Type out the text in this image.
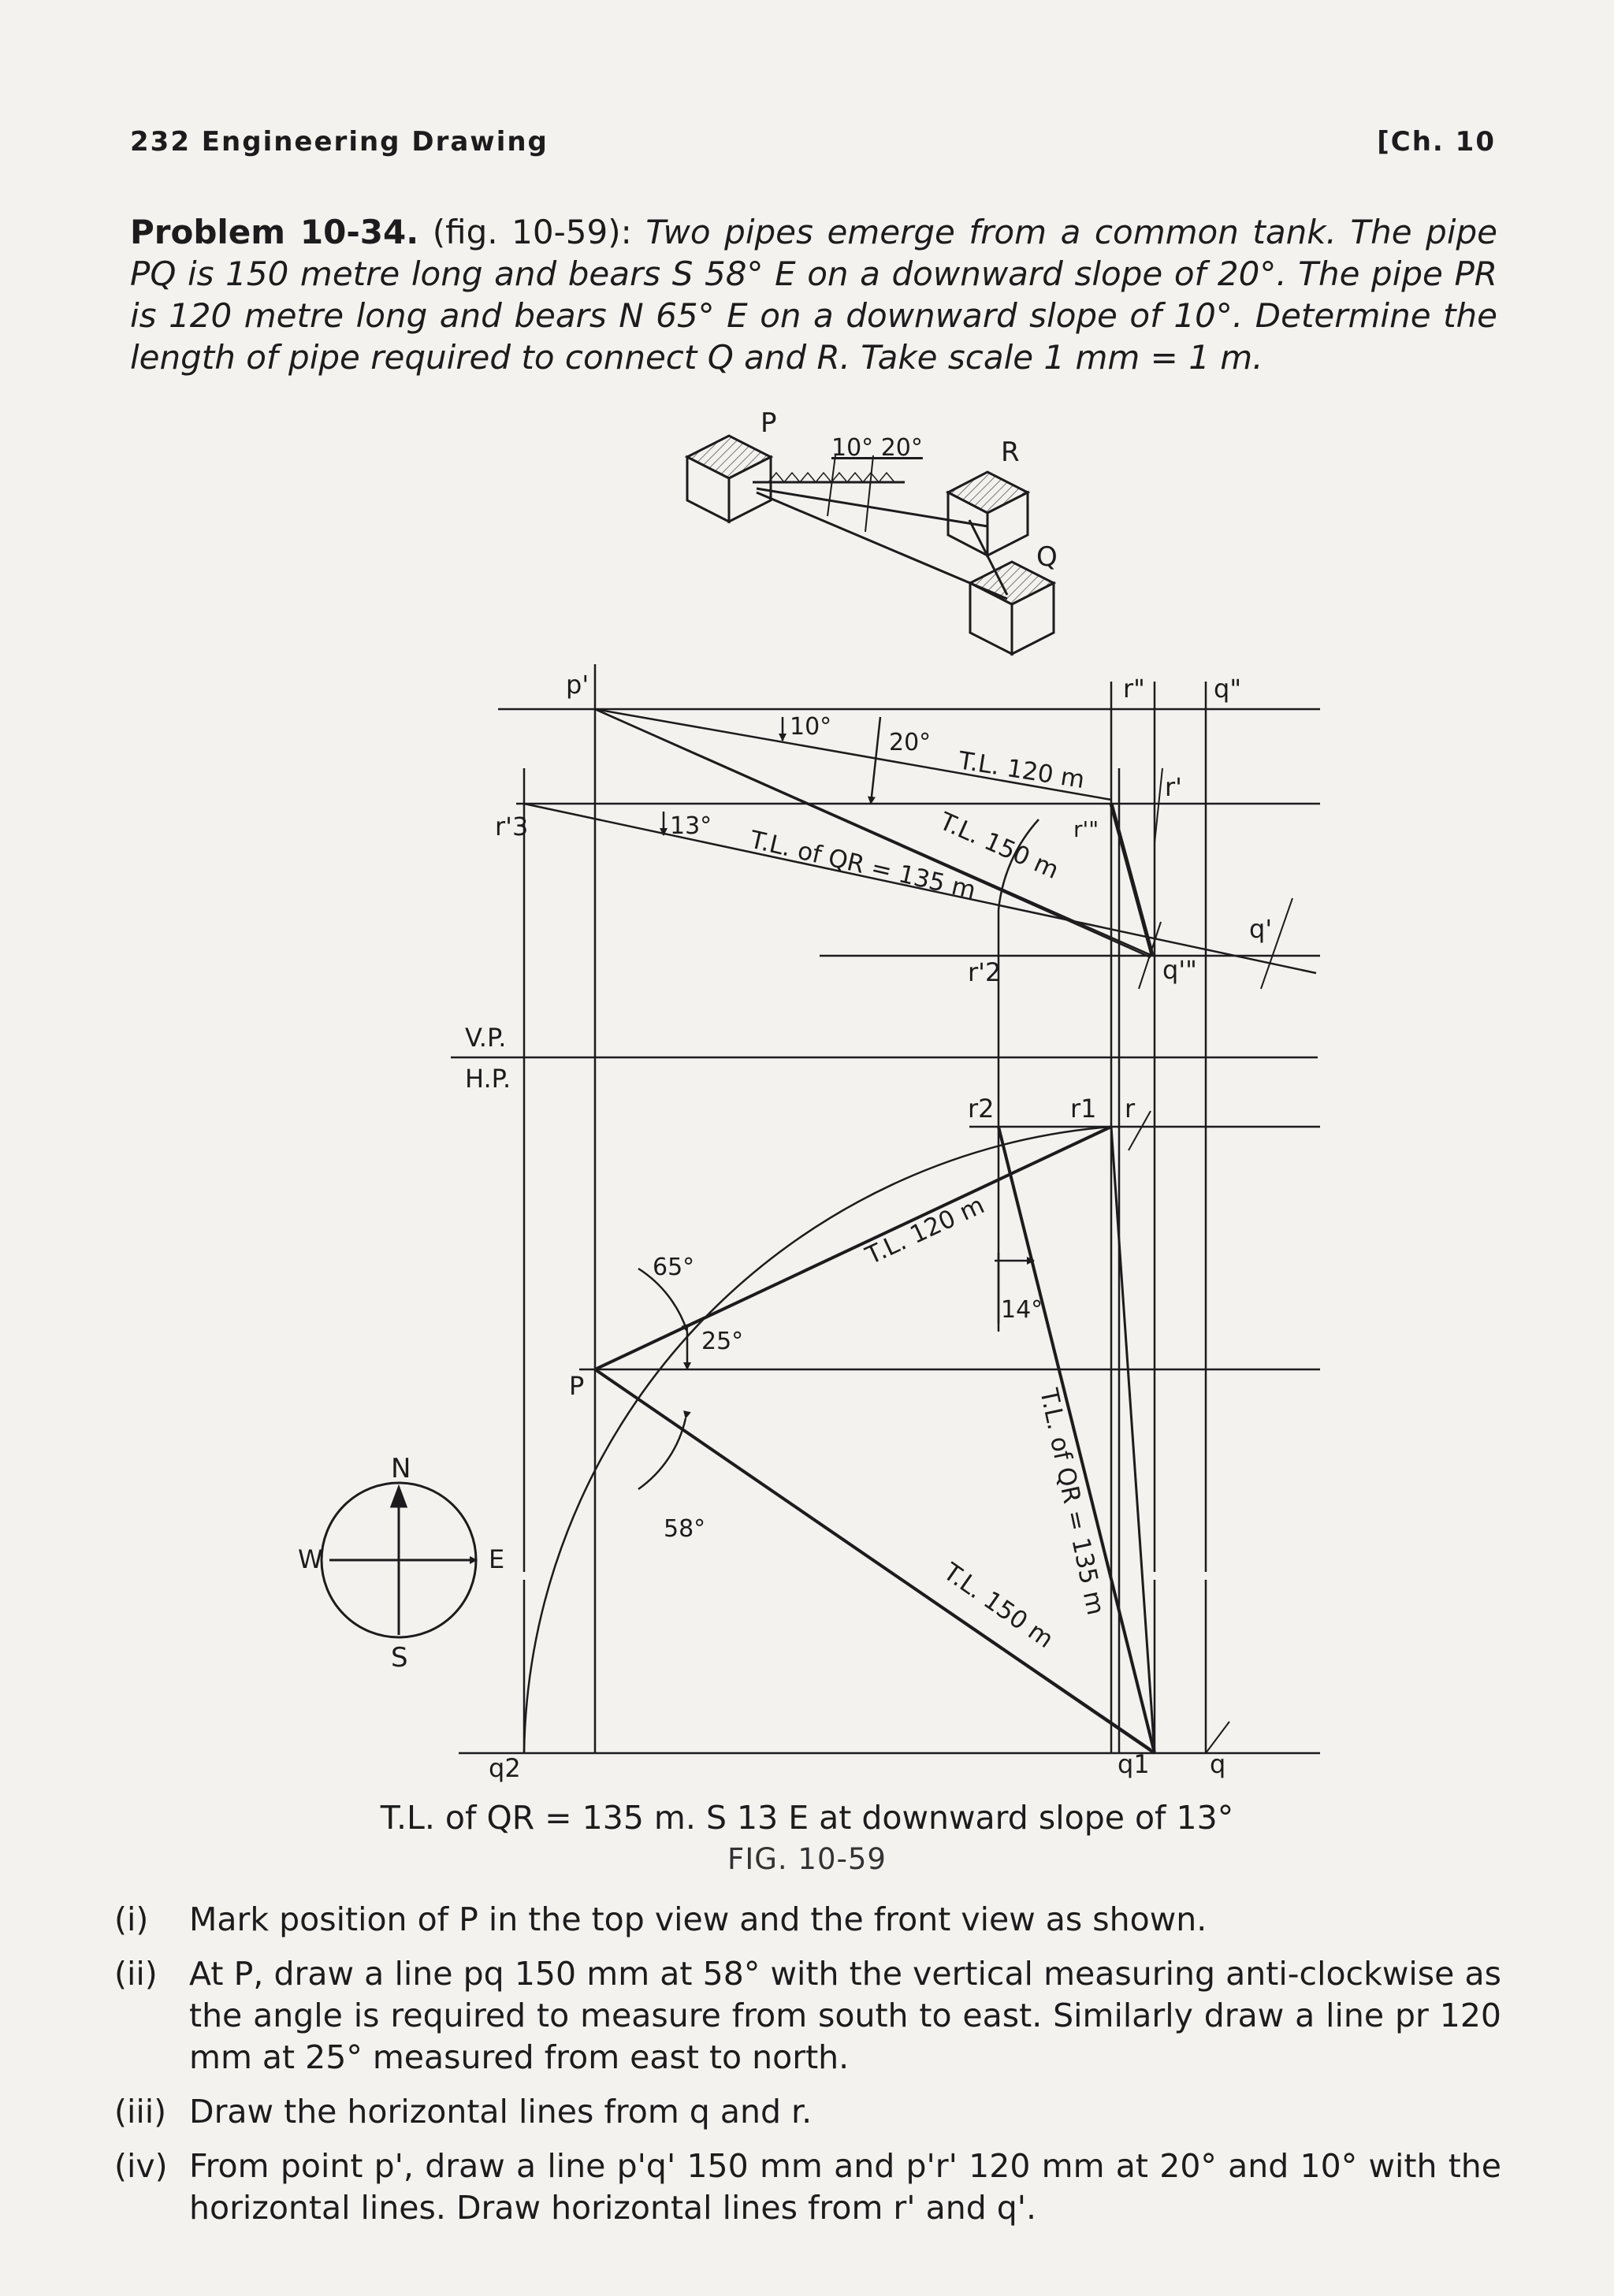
232 Engineering Drawing	[Ch. 10
Problem 10-34. (fig. 10-59): Two pipes emerge from a common tank. The pipe PQ is 150 metre long and bears S 58° E on a downward slope of 20°. The pipe PR is 120 metre long and bears N 65° E on a downward slope of 10°. Determine the length of pipe required to connect Q and R. Take scale 1 mm = 1 m.
P
R
Q
10° 20°
N
S
E
W
p'	r"	q"
r'
r'3	r'"
q'
q'"
r'2
V.P.
H.P.
r2	r1 r
P
q2	q1 q
10°
20°
13°
65°
25°
58°
14°
T.L. 120 m
T.L. 150 m
T.L. of QR = 135 m
T.L. 120 m
T.L. 150 m
T.L. of QR = 135 m
T.L. of QR = 135 m. S 13 E at downward slope of 13°
FIG. 10-59
(i) Mark position of P in the top view and the front view as shown.
(ii) At P, draw a line pq 150 mm at 58° with the vertical measuring anti-clockwise as the angle is required to measure from south to east. Similarly draw a line pr 120 mm at 25° measured from east to north.
(iii) Draw the horizontal lines from q and r.
(iv) From point p', draw a line p'q' 150 mm and p'r' 120 mm at 20° and 10° with the horizontal lines. Draw horizontal lines from r' and q'.
